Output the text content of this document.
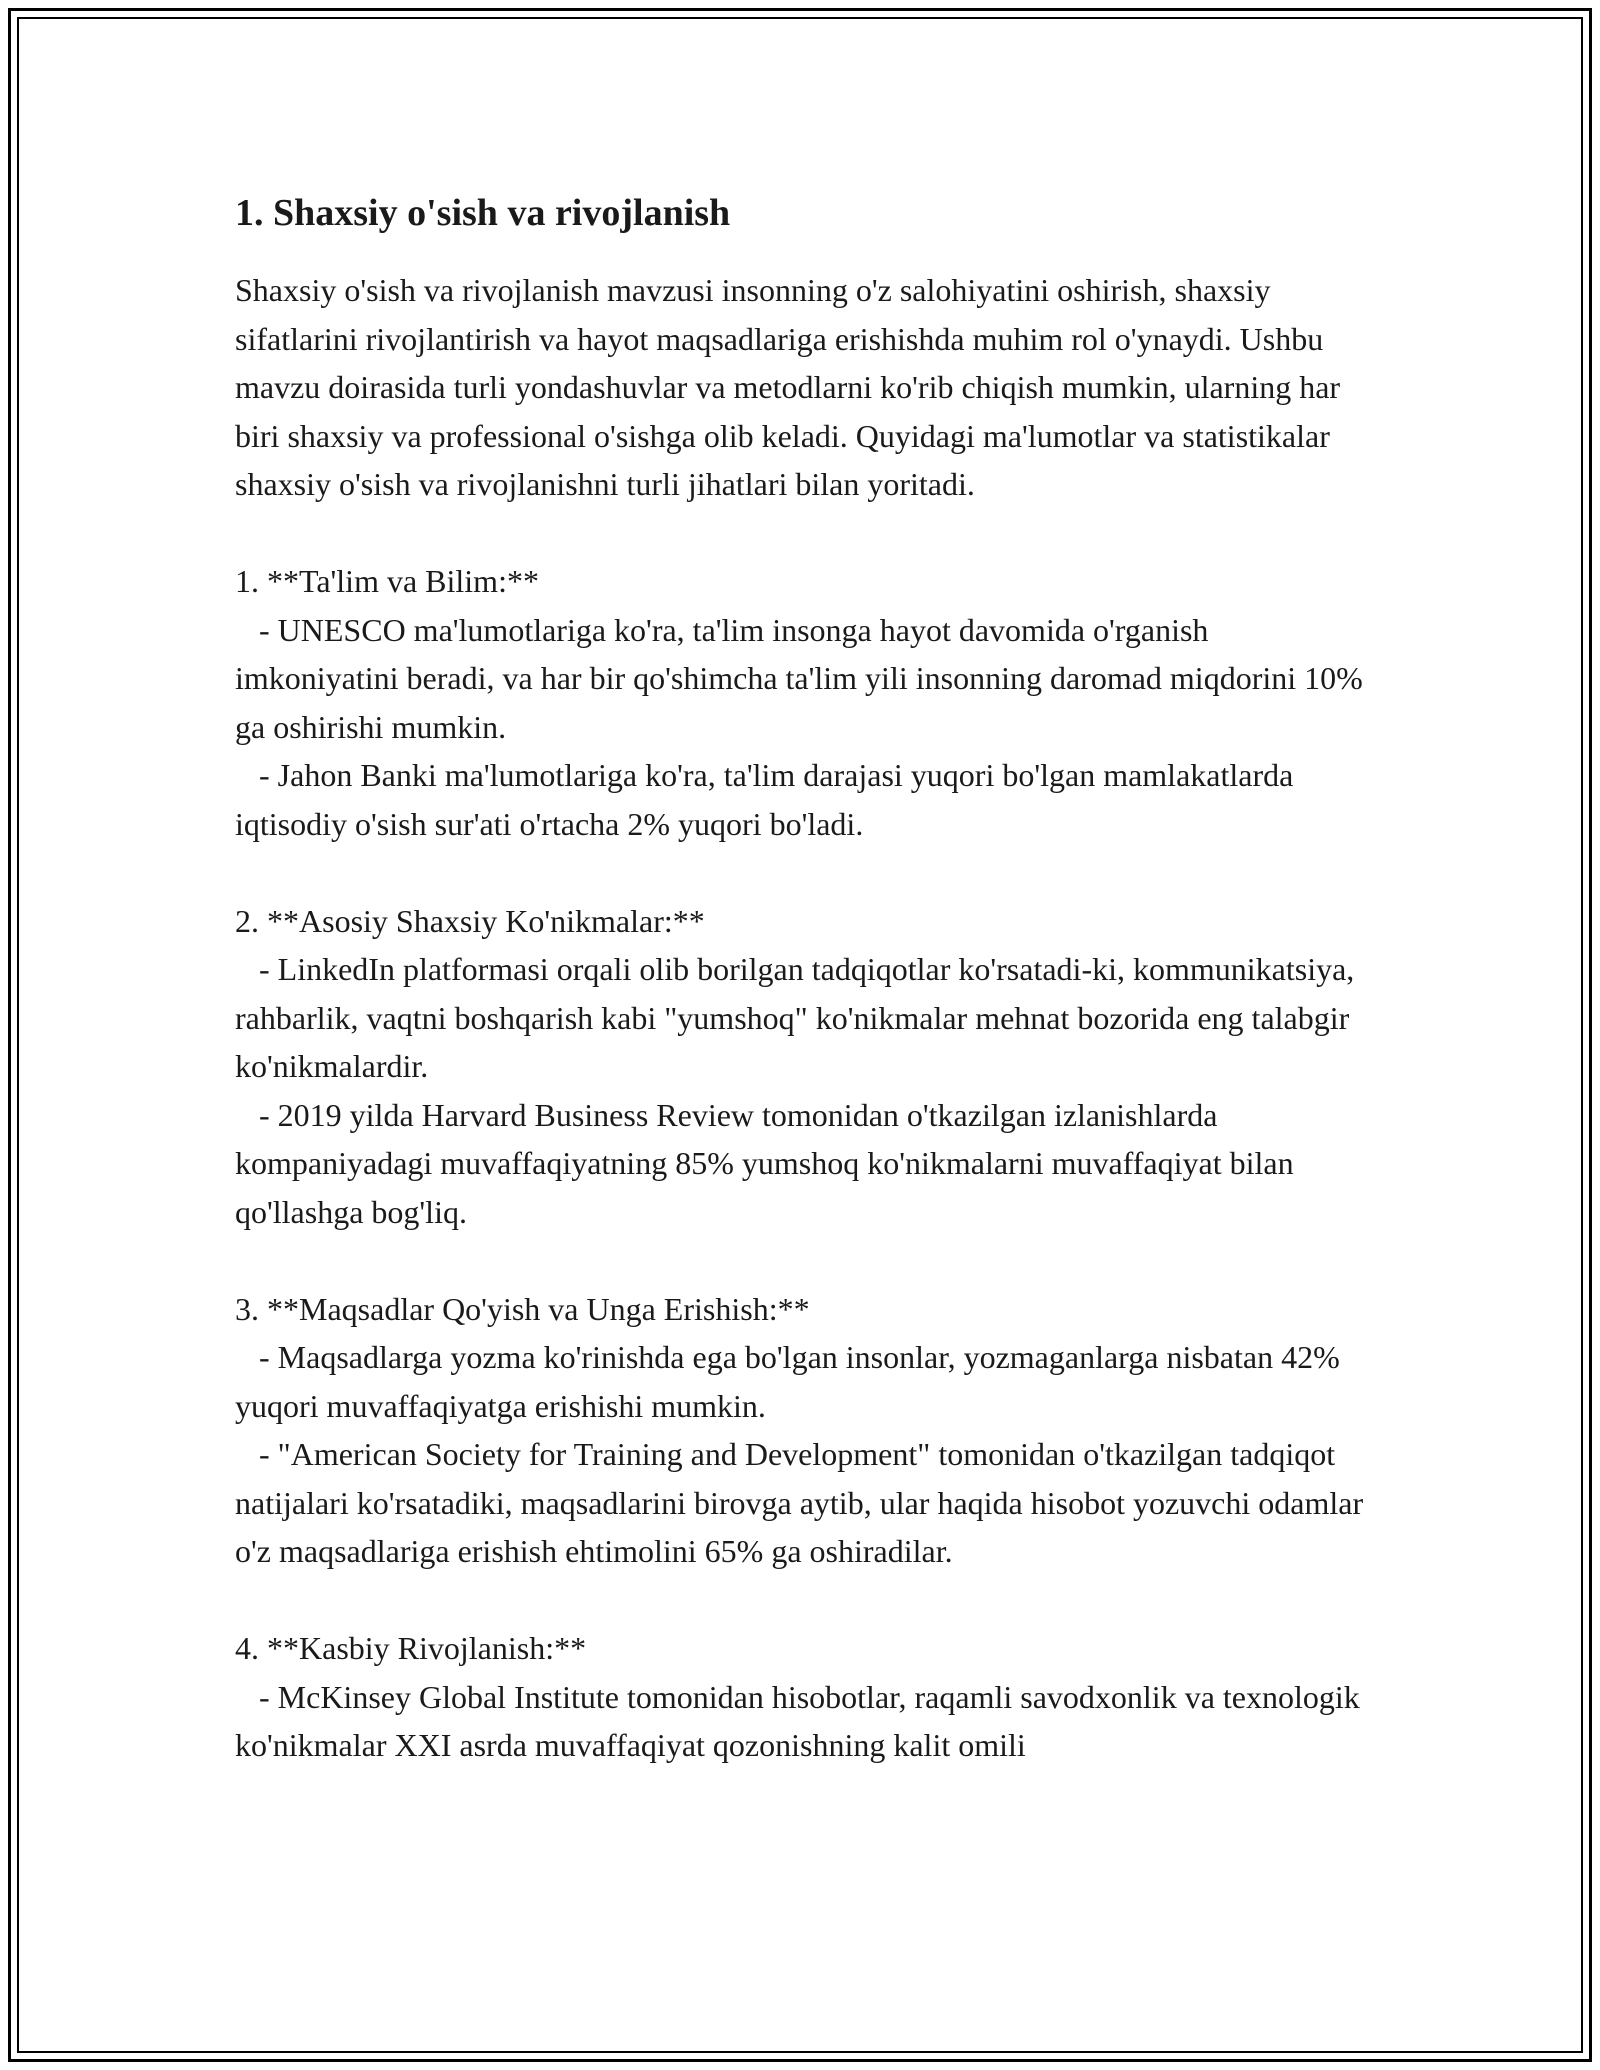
1. Shaxsiy o'sish va rivojlanish

Shaxsiy o'sish va rivojlanish mavzusi insonning o'z salohiyatini oshirish, shaxsiy sifatlarini rivojlantirish va hayot maqsadlariga erishishda muhim rol o'ynaydi. Ushbu mavzu doirasida turli yondashuvlar va metodlarni ko'rib chiqish mumkin, ularning har biri shaxsiy va professional o'sishga olib keladi. Quyidagi ma'lumotlar va statistikalar shaxsiy o'sish va rivojlanishni turli jihatlari bilan yoritadi.

1. **Ta'lim va Bilim:**
- UNESCO ma'lumotlariga ko'ra, ta'lim insonga hayot davomida o'rganish imkoniyatini beradi, va har bir qo'shimcha ta'lim yili insonning daromad miqdorini 10% ga oshirishi mumkin.
- Jahon Banki ma'lumotlariga ko'ra, ta'lim darajasi yuqori bo'lgan mamlakatlarda iqtisodiy o'sish sur'ati o'rtacha 2% yuqori bo'ladi.

2. **Asosiy Shaxsiy Ko'nikmalar:**
- LinkedIn platformasi orqali olib borilgan tadqiqotlar ko'rsatadi-ki, kommunikatsiya, rahbarlik, vaqtni boshqarish kabi "yumshoq" ko'nikmalar mehnat bozorida eng talabgir ko'nikmalardir.
- 2019 yilda Harvard Business Review tomonidan o'tkazilgan izlanishlarda kompaniyadagi muvaffaqiyatning 85% yumshoq ko'nikmalarni muvaffaqiyat bilan qo'llashga bog'liq.

3. **Maqsadlar Qo'yish va Unga Erishish:**
- Maqsadlarga yozma ko'rinishda ega bo'lgan insonlar, yozmaganlarga nisbatan 42% yuqori muvaffaqiyatga erishishi mumkin.
- "American Society for Training and Development" tomonidan o'tkazilgan tadqiqot natijalari ko'rsatadiki, maqsadlarini birovga aytib, ular haqida hisobot yozuvchi odamlar o'z maqsadlariga erishish ehtimolini 65% ga oshiradilar.

4. **Kasbiy Rivojlanish:**
- McKinsey Global Institute tomonidan hisobotlar, raqamli savodxonlik va texnologik ko'nikmalar XXI asrda muvaffaqiyat qozonishning kalit omili
